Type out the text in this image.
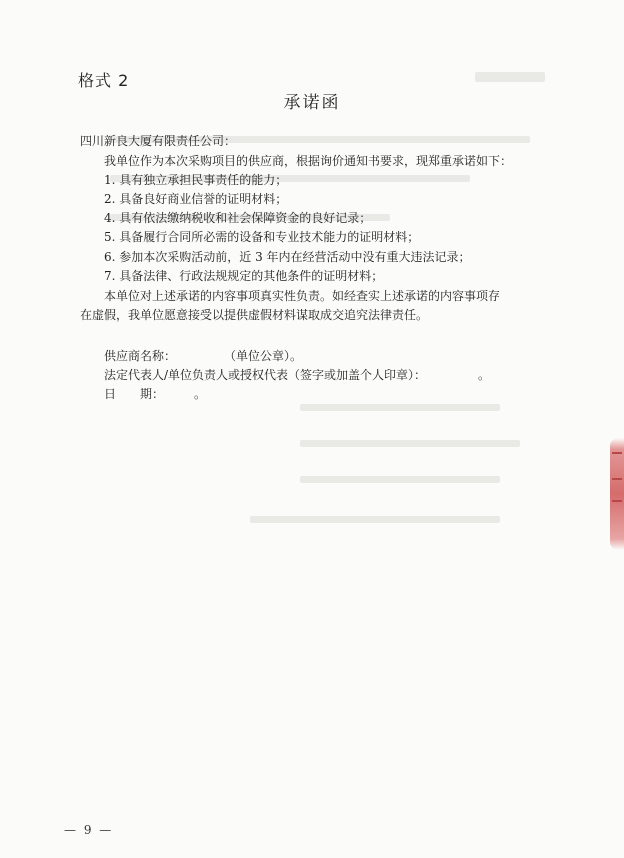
格式 2
承诺函
四川新良大厦有限责任公司：
我单位作为本次采购项目的供应商，根据询价通知书要求，现郑重承诺如下：
1. 具有独立承担民事责任的能力；
2. 具备良好商业信誉的证明材料；
4. 具有依法缴纳税收和社会保障资金的良好记录；
5. 具备履行合同所必需的设备和专业技术能力的证明材料；
6. 参加本次采购活动前，近 3 年内在经营活动中没有重大违法记录；
7. 具备法律、行政法规规定的其他条件的证明材料；
本单位对上述承诺的内容事项真实性负责。如经查实上述承诺的内容事项存
在虚假，我单位愿意接受以提供虚假材料谋取成交追究法律责任。
供应商名称：	（单位公章）。
法定代表人/单位负责人或授权代表（签字或加盖个人印章）：	。
日　　期：	。
— 9 —
